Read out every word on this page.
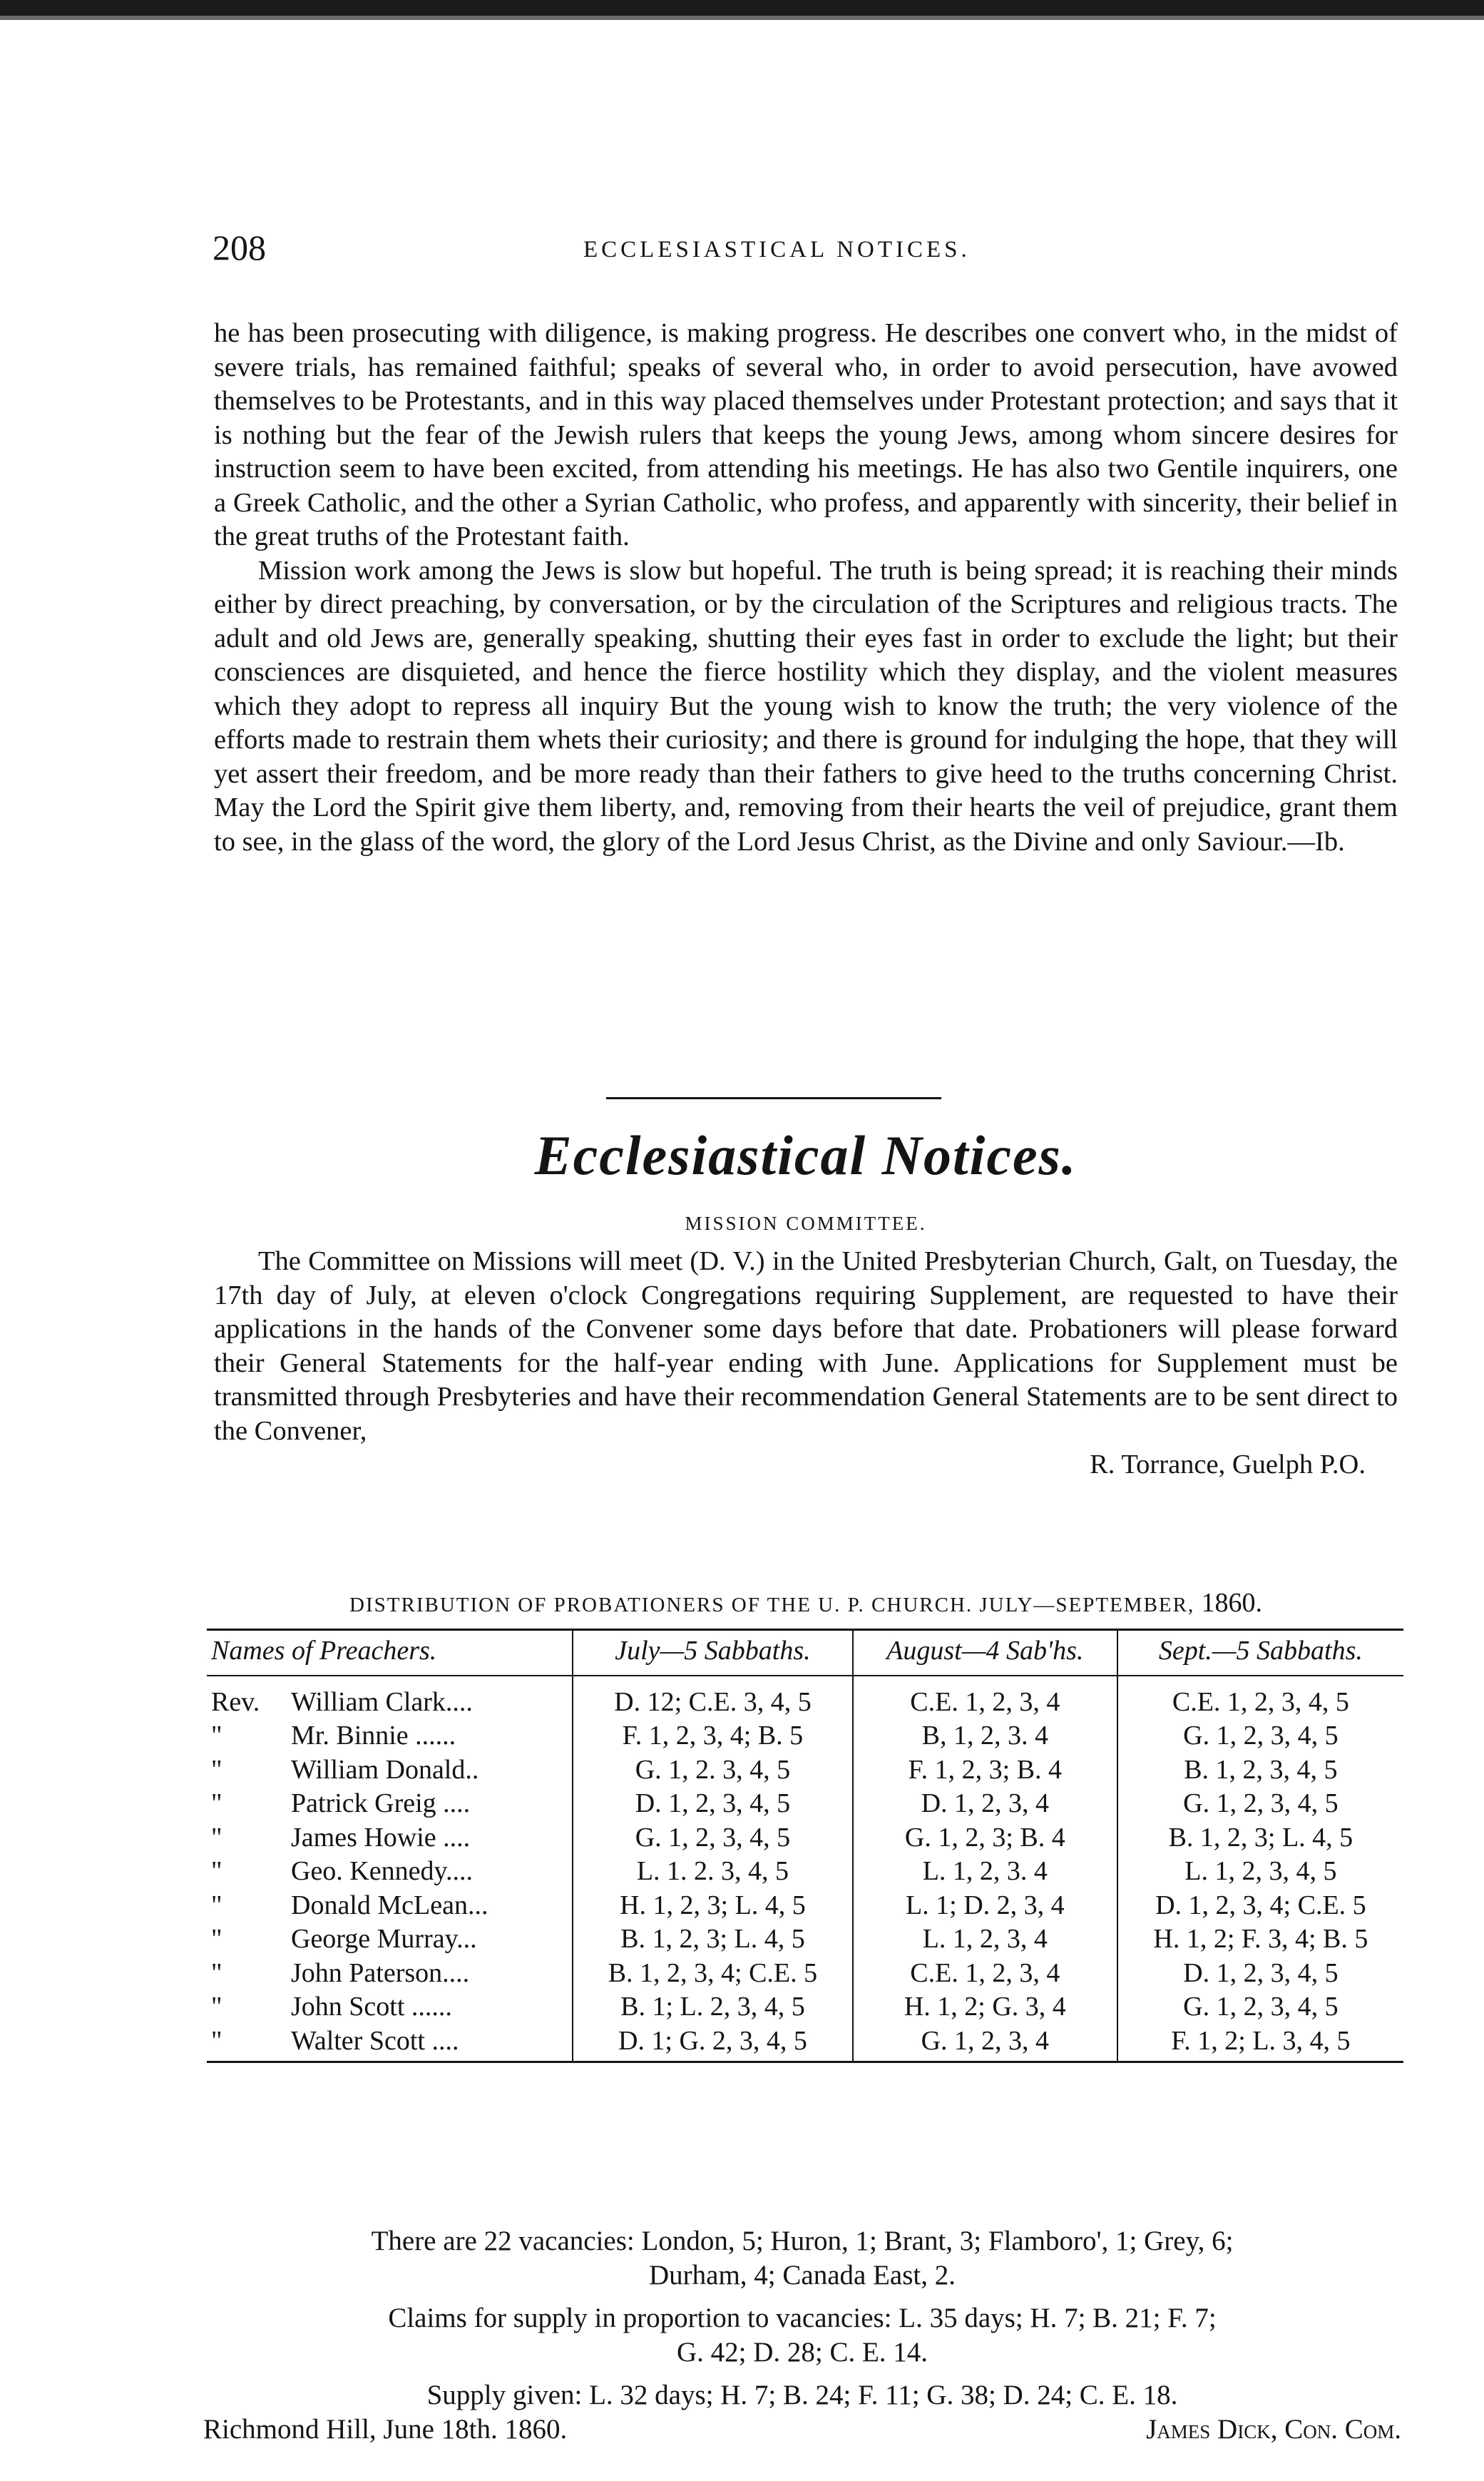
208	ECCLESIASTICAL NOTICES.

he has been prosecuting with diligence, is making progress. He describes one convert who, in the midst of severe trials, has remained faithful; speaks of several who, in order to avoid persecution, have avowed themselves to be Protestants, and in this way placed themselves under Protestant protection; and says that it is nothing but the fear of the Jewish rulers that keeps the young Jews, among whom sincere desires for instruction seem to have been excited, from attending his meetings. He has also two Gentile inquirers, one a Greek Catholic, and the other a Syrian Catholic, who profess, and apparently with sincerity, their belief in the great truths of the Protestant faith.

Mission work among the Jews is slow but hopeful. The truth is being spread; it is reaching their minds either by direct preaching, by conversation, or by the circulation of the Scriptures and religious tracts. The adult and old Jews are, generally speaking, shutting their eyes fast in order to exclude the light; but their consciences are disquieted, and hence the fierce hostility which they display, and the violent measures which they adopt to repress all inquiry But the young wish to know the truth; the very violence of the efforts made to restrain them whets their curiosity; and there is ground for indulging the hope, that they will yet assert their freedom, and be more ready than their fathers to give heed to the truths concerning Christ. May the Lord the Spirit give them liberty, and, removing from their hearts the veil of prejudice, grant them to see, in the glass of the word, the glory of the Lord Jesus Christ, as the Divine and only Saviour.—Ib.

Ecclesiastical Notices.
MISSION COMMITTEE.

The Committee on Missions will meet (D. V.) in the United Presbyterian Church, Galt, on Tuesday, the 17th day of July, at eleven o'clock Congregations requiring Supplement, are requested to have their applications in the hands of the Convener some days before that date. Probationers will please forward their General Statements for the half-year ending with June. Applications for Supplement must be transmitted through Presbyteries and have their recommendation General Statements are to be sent direct to the Convener,

R. Torrance, Guelph P.O.

DISTRIBUTION OF PROBATIONERS OF THE U. P. CHURCH. JULY—SEPTEMBER, 1860.
Names of Preachers.	July—5 Sabbaths.	August—4 Sab'hs.	Sept.—5 Sabbaths.
Rev. William Clark....	D. 12; C.E. 3, 4, 5	C.E. 1, 2, 3, 4	C.E. 1, 2, 3, 4, 5
" Mr. Binnie ......	F. 1, 2, 3, 4; B. 5	B, 1, 2, 3. 4	G. 1, 2, 3, 4, 5
" William Donald..	G. 1, 2. 3, 4, 5	F. 1, 2, 3; B. 4	B. 1, 2, 3, 4, 5
" Patrick Greig ....	D. 1, 2, 3, 4, 5	D. 1, 2, 3, 4	G. 1, 2, 3, 4, 5
" James Howie ....	G. 1, 2, 3, 4, 5	G. 1, 2, 3; B. 4	B. 1, 2, 3; L. 4, 5
" Geo. Kennedy....	L. 1. 2. 3, 4, 5	L. 1, 2, 3. 4	L. 1, 2, 3, 4, 5
" Donald McLean...	H. 1, 2, 3; L. 4, 5	L. 1; D. 2, 3, 4	D. 1, 2, 3, 4; C.E. 5
" George Murray...	B. 1, 2, 3; L. 4, 5	L. 1, 2, 3, 4	H. 1, 2; F. 3, 4; B. 5
" John Paterson....	B. 1, 2, 3, 4; C.E. 5	C.E. 1, 2, 3, 4	D. 1, 2, 3, 4, 5
" John Scott ......	B. 1; L. 2, 3, 4, 5	H. 1, 2; G. 3, 4	G. 1, 2, 3, 4, 5
" Walter Scott ....	D. 1; G. 2, 3, 4, 5	G. 1, 2, 3, 4	F. 1, 2; L. 3, 4, 5

There are 22 vacancies: London, 5; Huron, 1; Brant, 3; Flamboro', 1; Grey, 6;

Durham, 4; Canada East, 2.

Claims for supply in proportion to vacancies: L. 35 days; H. 7; B. 21; F. 7;

G. 42; D. 28; C. E. 14.

Supply given: L. 32 days; H. 7; B. 24; F. 11; G. 38; D. 24; C. E. 18.

Richmond Hill, June 18th. 1860.	James Dick, Con. Com.
